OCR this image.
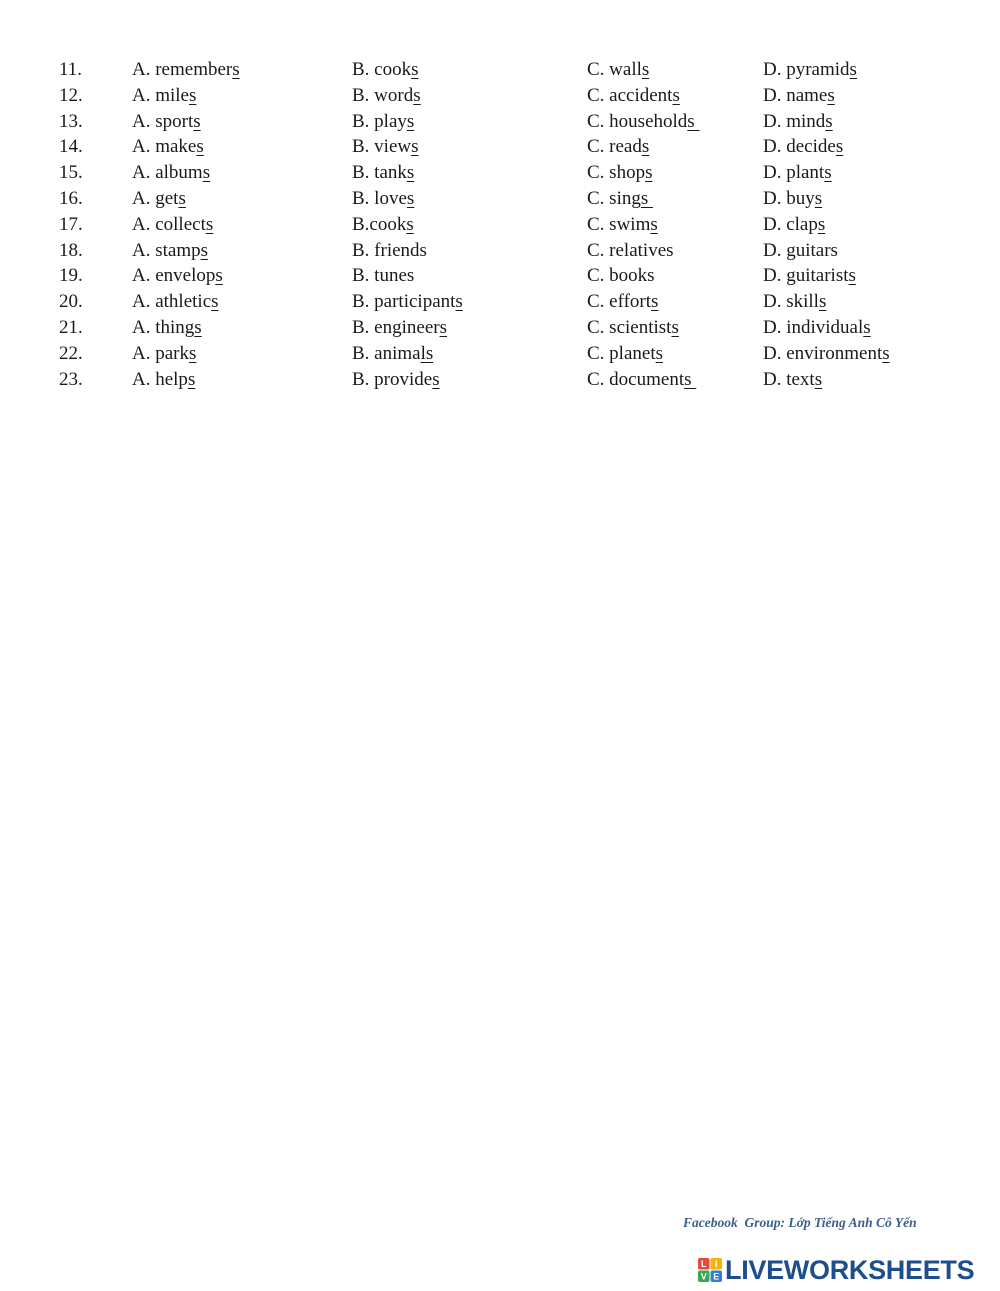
11.	A. remembers	B. cooks	C. walls	D. pyramids
12.	A. miles	B. words	C. accidents	D. names
13.	A. sports	B. plays	C. households	D. minds
14.	A. makes	B. views	C. reads	D. decides
15.	A. albums	B. tanks	C. shops	D. plants
16.	A. gets	B. loves	C. sings	D. buys
17.	A. collects	B.cooks	C. swims	D. claps
18.	A. stamps	B. friends	C. relatives	D. guitars
19.	A. envelops	B. tunes	C. books	D. guitarists
20.	A. athletics	B. participants	C. efforts	D. skills
21.	A. things	B. engineers	C. scientists	D. individuals
22.	A. parks	B. animals	C. planets	D. environments
23.	A. helps	B. provides	C. documents	D. texts
Facebook  Group: Lớp Tiếng Anh Cô Yến
L I
V E LIVEWORKSHEETS
